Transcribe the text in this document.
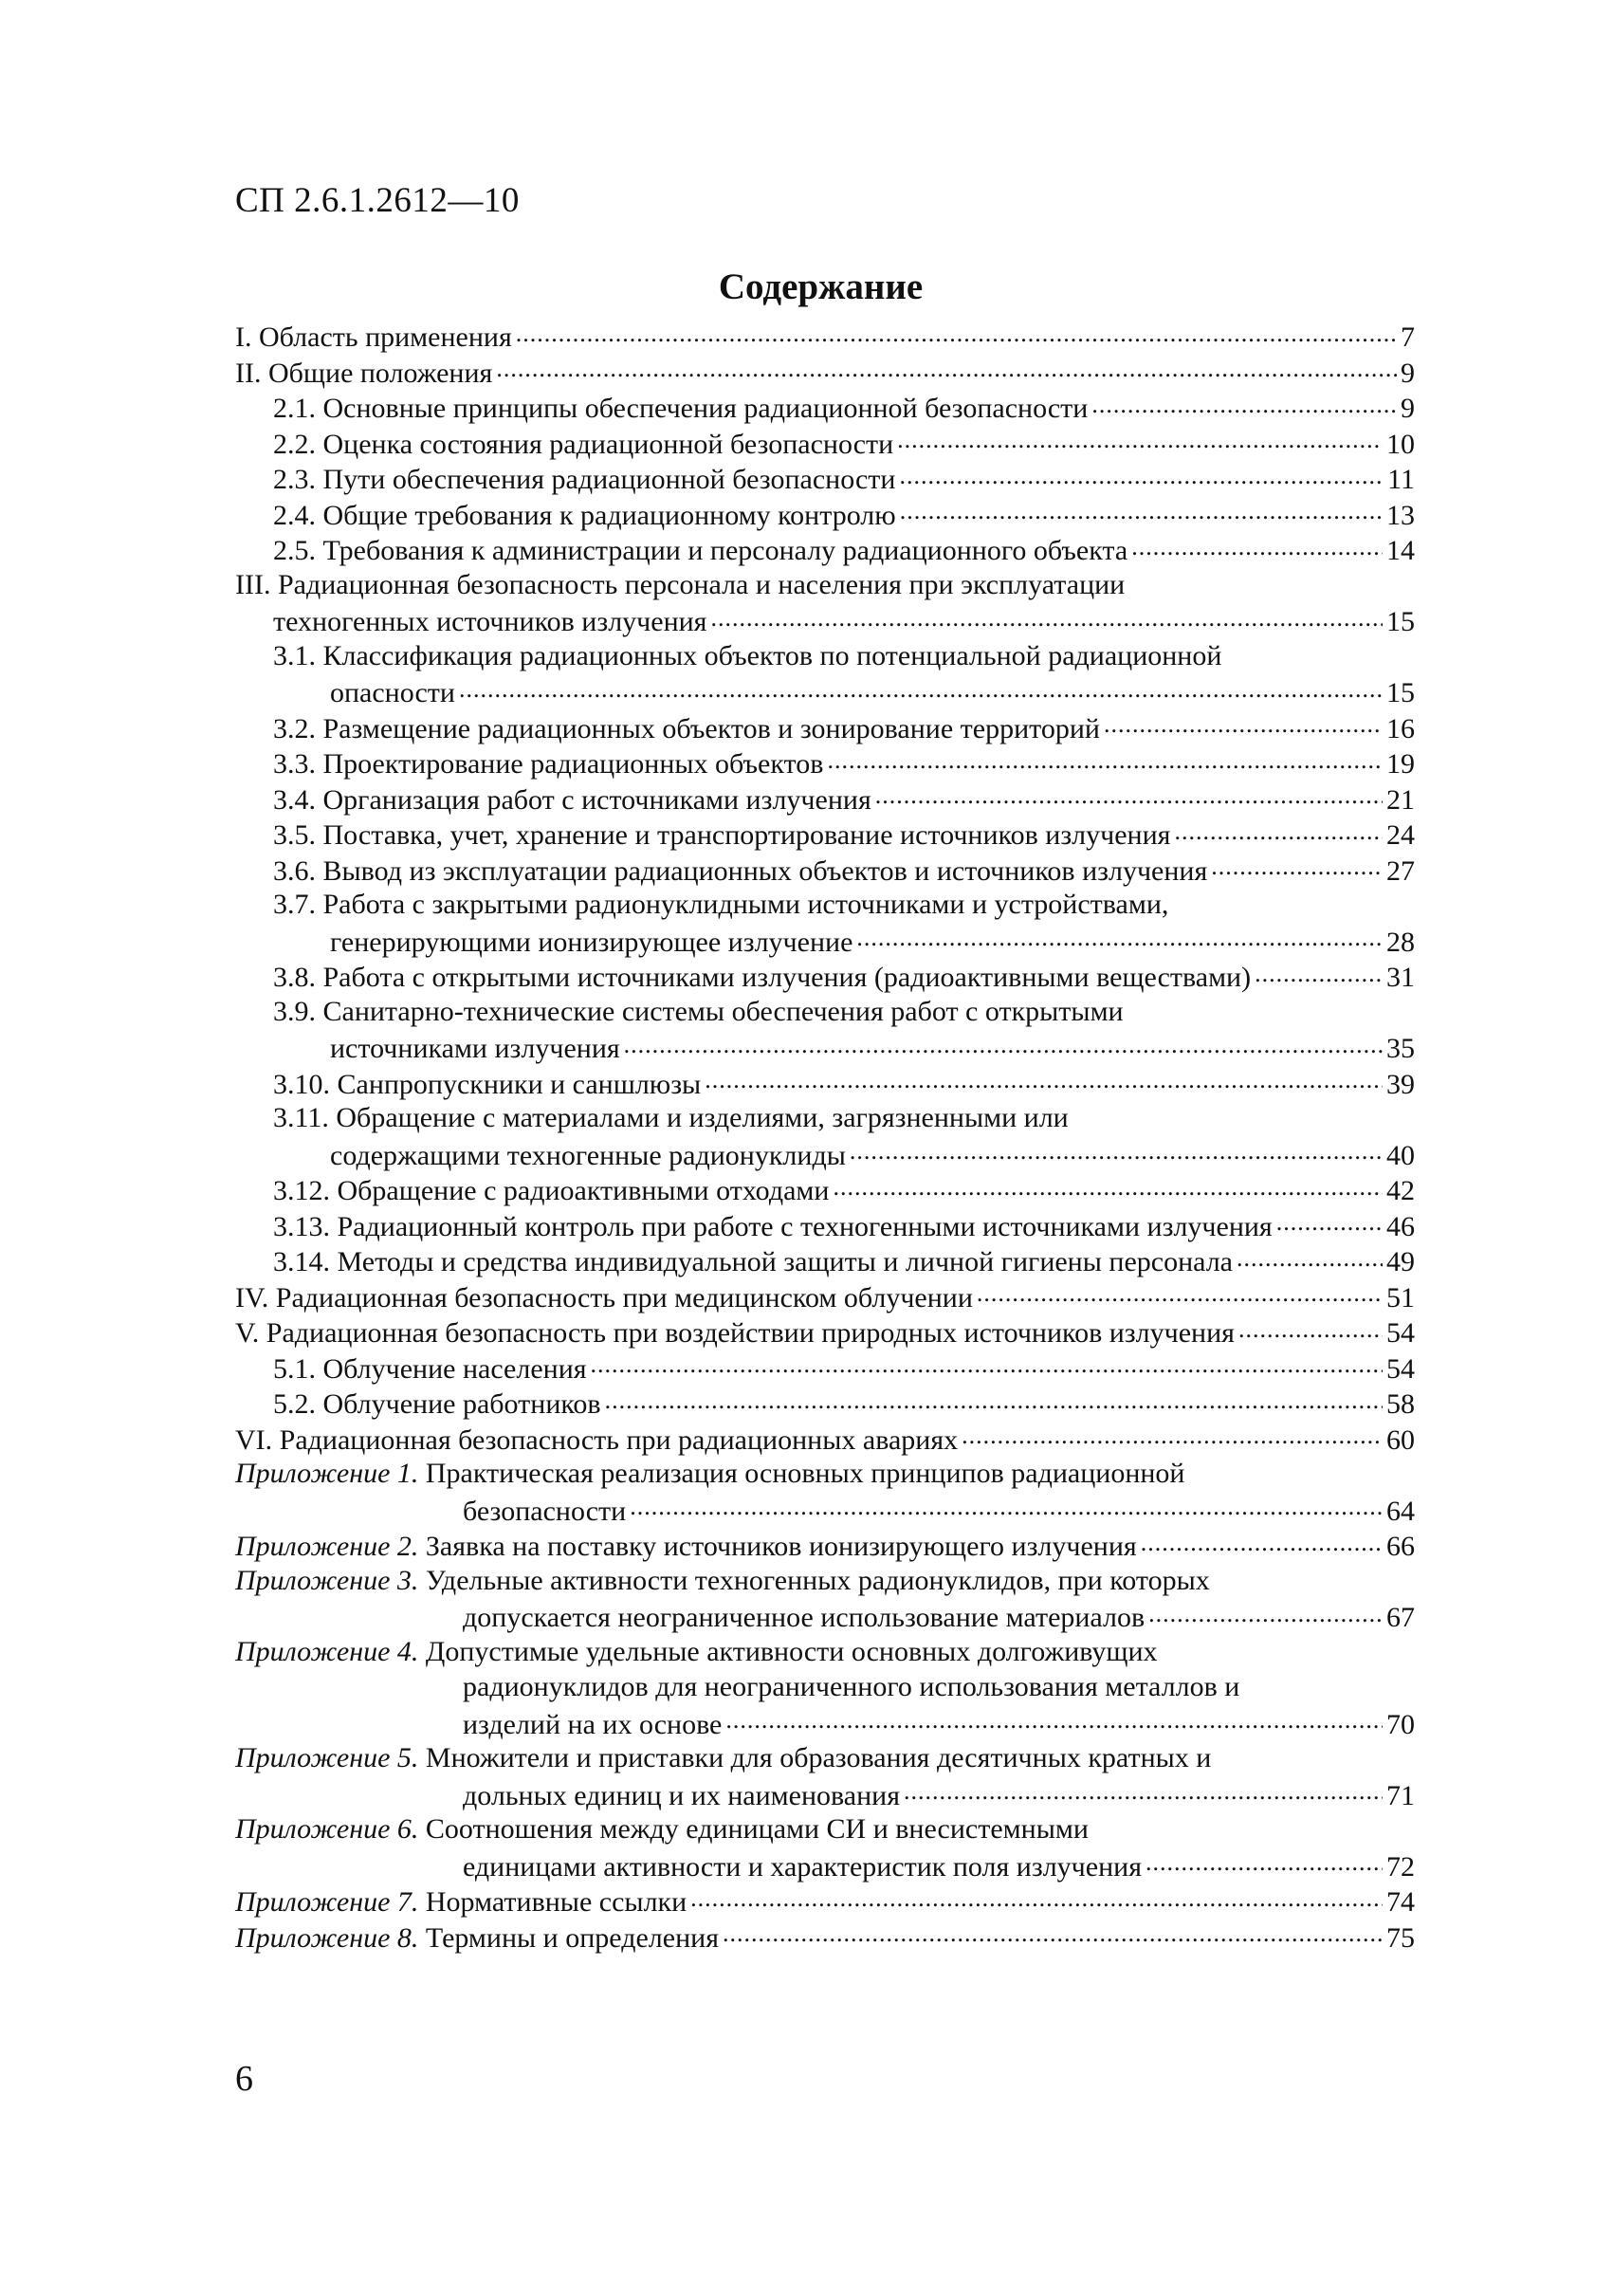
СП 2.6.1.2612—10
Содержание
I. Область применения .....	7
II. Общие положения .....	9
2.1. Основные принципы обеспечения радиационной безопасности .....	9
2.2. Оценка состояния радиационной безопасности .....	10
2.3. Пути обеспечения радиационной безопасности .....	11
2.4. Общие требования к радиационному контролю .....	13
2.5. Требования к администрации и персоналу радиационного объекта .....	14
III. Радиационная безопасность персонала и населения при эксплуатации
техногенных источников излучения .....	15
3.1. Классификация радиационных объектов по потенциальной радиационной
опасности .....	15
3.2. Размещение радиационных объектов и зонирование территорий .....	16
3.3. Проектирование радиационных объектов .....	19
3.4. Организация работ с источниками излучения .....	21
3.5. Поставка, учет, хранение и транспортирование источников излучения .....	24
3.6. Вывод из эксплуатации радиационных объектов и источников излучения .....	27
3.7. Работа с закрытыми радионуклидными источниками и устройствами,
генерирующими ионизирующее излучение .....	28
3.8. Работа с открытыми источниками излучения (радиоактивными веществами) .....	31
3.9. Санитарно-технические системы обеспечения работ с открытыми
источниками излучения .....	35
3.10. Санпропускники и саншлюзы .....	39
3.11. Обращение с материалами и изделиями, загрязненными или
содержащими техногенные радионуклиды .....	40
3.12. Обращение с радиоактивными отходами .....	42
3.13. Радиационный контроль при работе с техногенными источниками излучения .....	46
3.14. Методы и средства индивидуальной защиты и личной гигиены персонала .....	49
IV. Радиационная безопасность при медицинском облучении .....	51
V. Радиационная безопасность при воздействии природных источников излучения .....	54
5.1. Облучение населения .....	54
5.2. Облучение работников .....	58
VI. Радиационная безопасность при радиационных авариях .....	60
Приложение 1. Практическая реализация основных принципов радиационной
безопасности .....	64
Приложение 2. Заявка на поставку источников ионизирующего излучения .....	66
Приложение 3. Удельные активности техногенных радионуклидов, при которых
допускается неограниченное использование материалов .....	67
Приложение 4. Допустимые удельные активности основных долгоживущих
радионуклидов для неограниченного использования металлов и
изделий на их основе .....	70
Приложение 5. Множители и приставки для образования десятичных кратных и
дольных единиц и их наименования .....	71
Приложение 6. Соотношения между единицами СИ и внесистемными
единицами активности и характеристик поля излучения .....	72
Приложение 7. Нормативные ссылки .....	74
Приложение 8. Термины и определения .....	75
6
